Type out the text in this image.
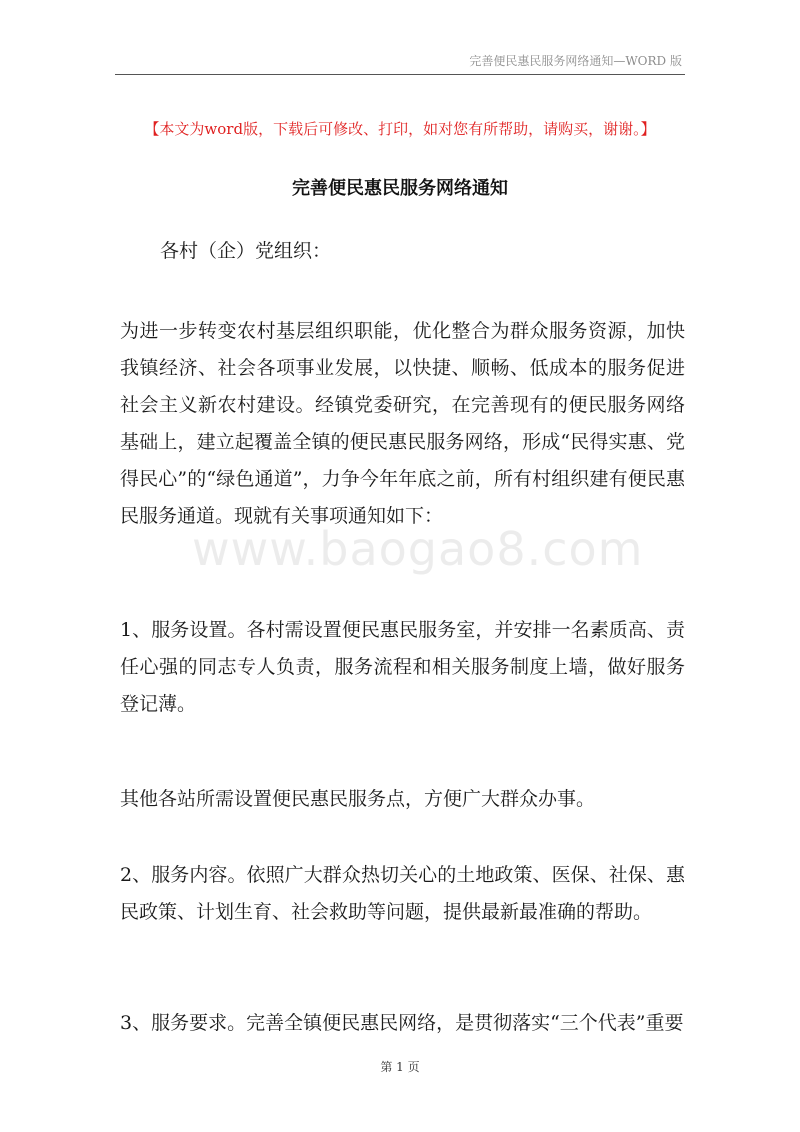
完善便民惠民服务网络通知—WORD 版
【本文为word版，下载后可修改、打印，如对您有所帮助，请购买，谢谢。】
完善便民惠民服务网络通知
各村（企）党组织：

为进一步转变农村基层组织职能，优化整合为群众服务资源，加快我镇经济、社会各项事业发展，以快捷、顺畅、低成本的服务促进社会主义新农村建设。经镇党委研究，在完善现有的便民服务网络基础上，建立起覆盖全镇的便民惠民服务网络，形成“民得实惠、党得民心”的“绿色通道”，力争今年年底之前，所有村组织建有便民惠民服务通道。现就有关事项通知如下：

www.baogao8.com

1、服务设置。各村需设置便民惠民服务室，并安排一名素质高、责任心强的同志专人负责，服务流程和相关服务制度上墙，做好服务登记薄。

其他各站所需设置便民惠民服务点，方便广大群众办事。

2、服务内容。依照广大群众热切关心的土地政策、医保、社保、惠民政策、计划生育、社会救助等问题，提供最新最准确的帮助。

3、服务要求。完善全镇便民惠民网络，是贯彻落实“三个代表”重要

第 1 页
